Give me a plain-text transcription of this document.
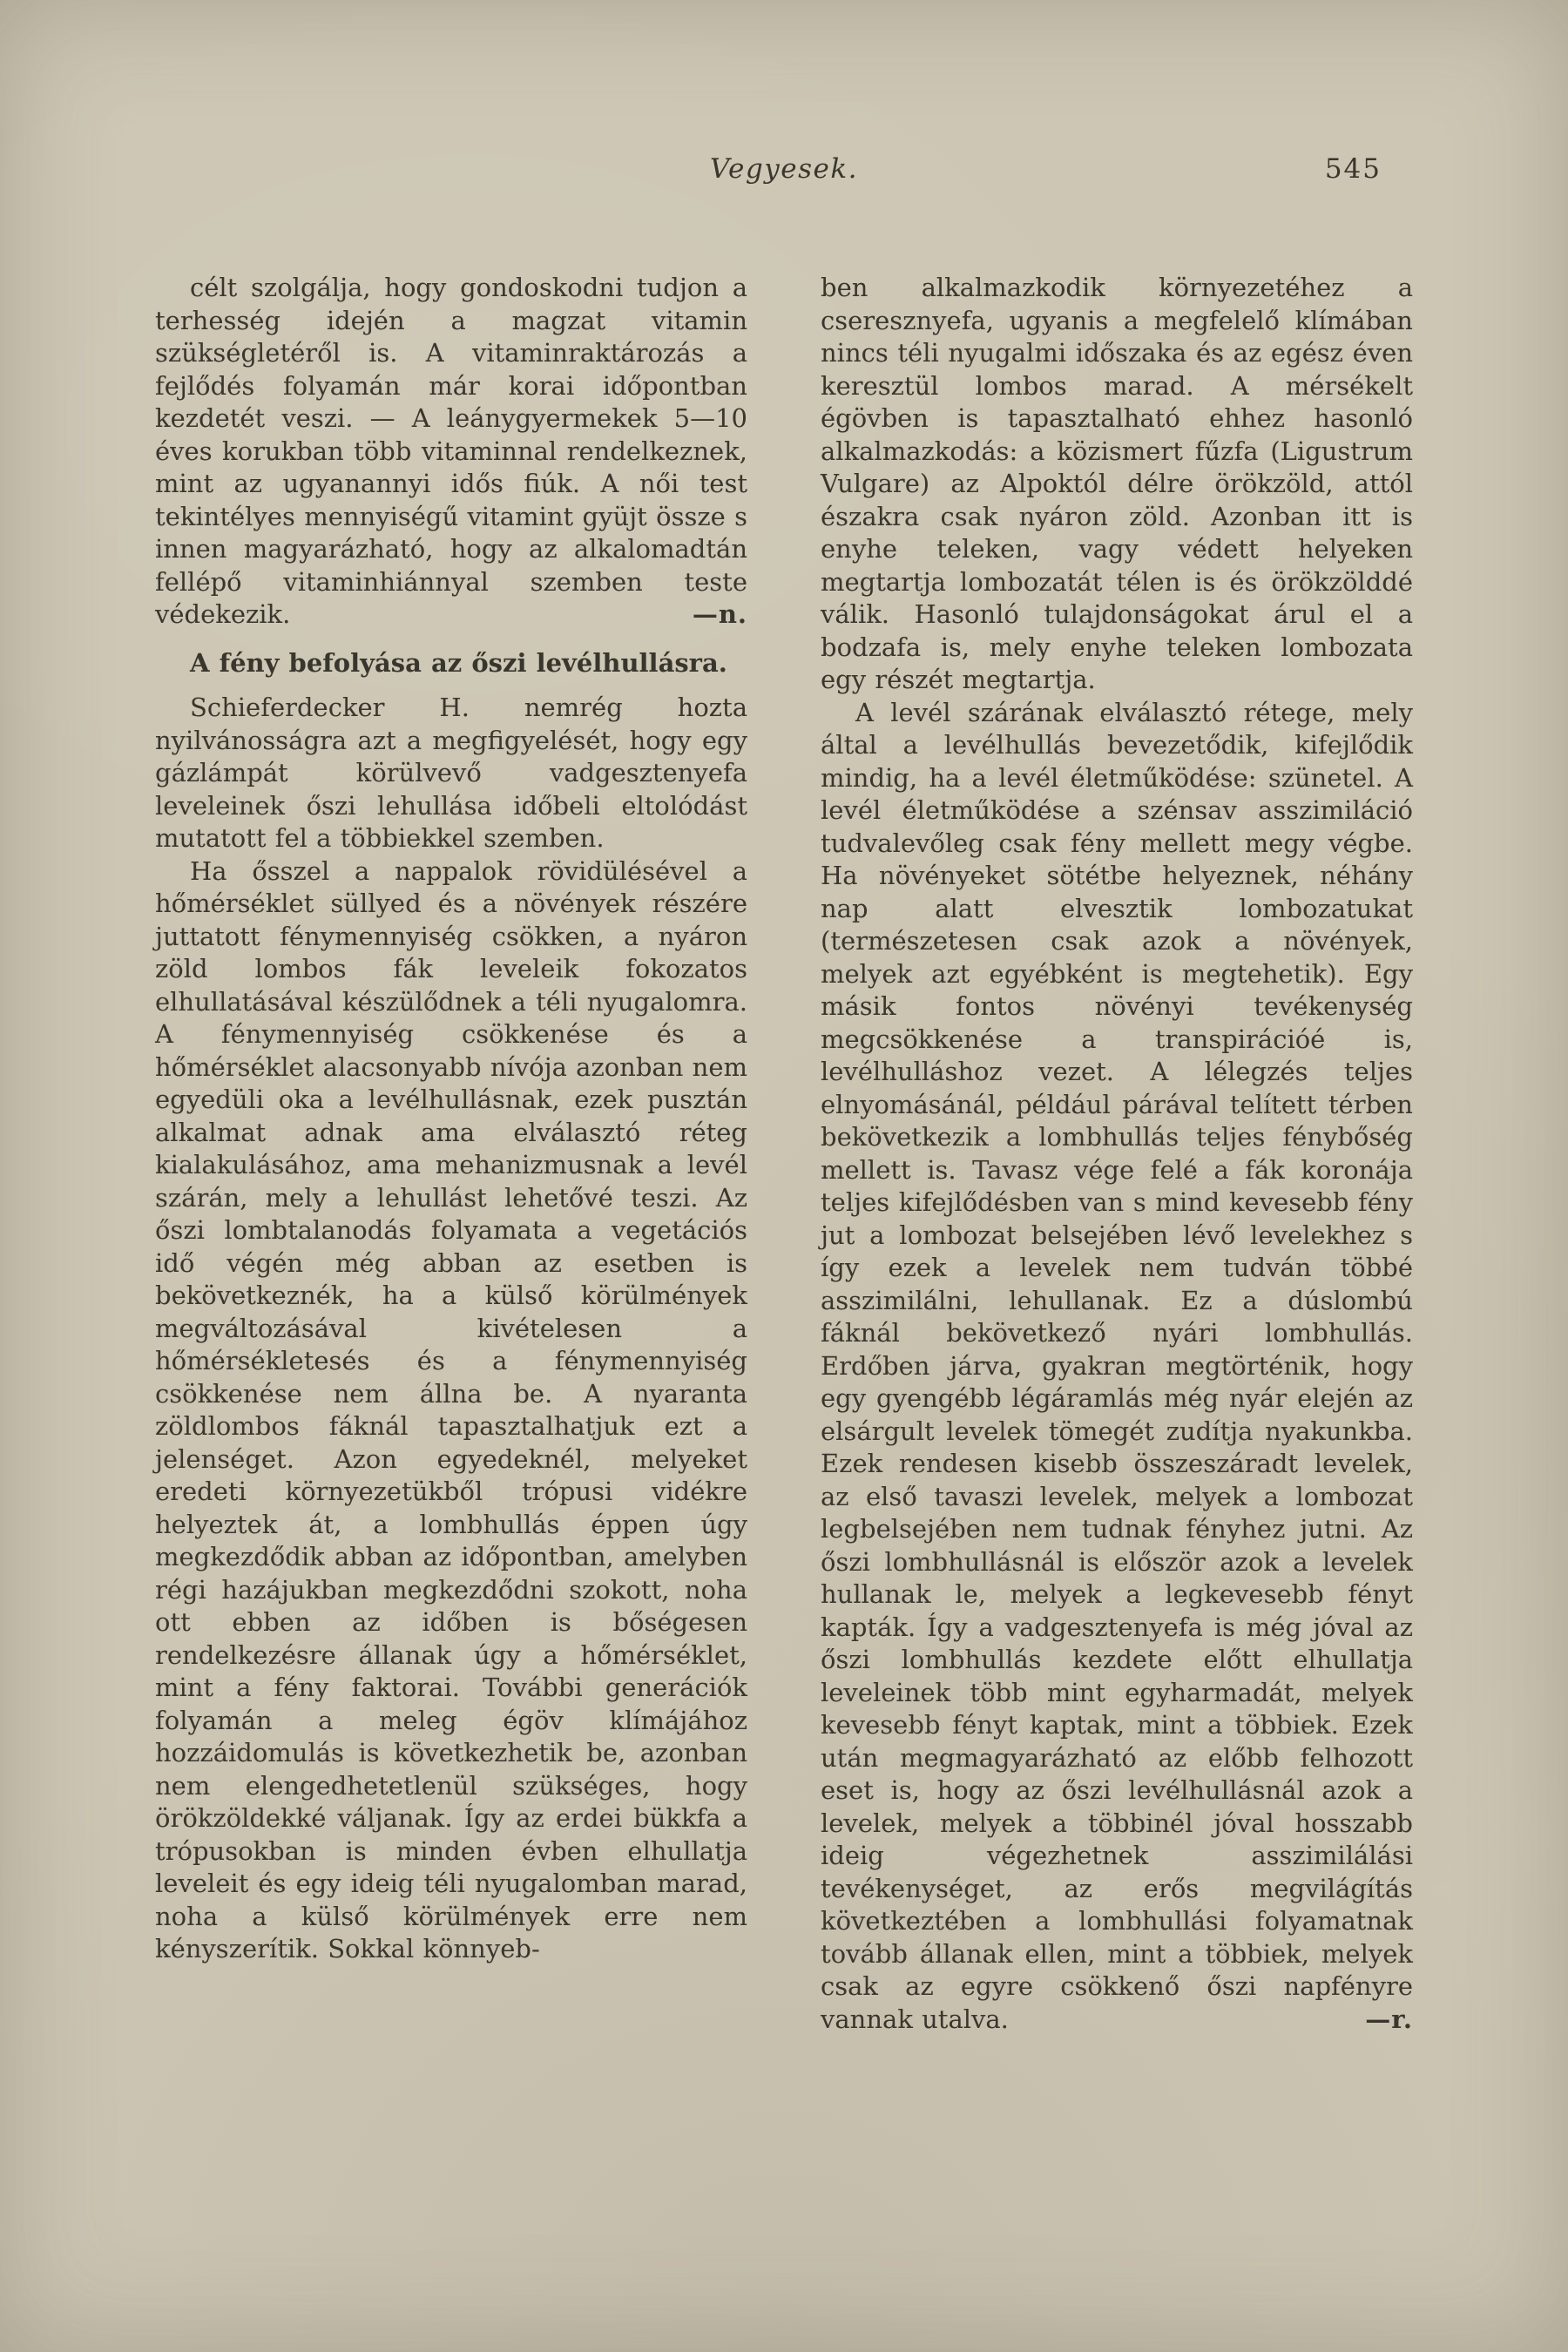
Vegyesek.	545

célt szolgálja, hogy gondoskodni tudjon a terhesség idején a magzat vitamin szükségletéről is. A vitaminraktározás a fejlődés folyamán már korai időpontban kezdetét veszi. — A leánygyermekek 5—10 éves korukban több vitaminnal rendelkeznek, mint az ugyanannyi idős fiúk. A női test tekintélyes mennyiségű vitamint gyüjt össze s innen magyarázható, hogy az alkalomadtán fellépő vitaminhiánnyal szemben teste védekezik.	—n.

A fény befolyása az őszi levélhullásra.

Schieferdecker H. nemrég hozta nyilvánosságra azt a megfigyelését, hogy egy gázlámpát körülvevő vadgesztenyefa leveleinek őszi lehullása időbeli eltolódást mutatott fel a többiekkel szemben.

Ha ősszel a nappalok rövidülésével a hőmérséklet süllyed és a növények részére juttatott fénymennyiség csökken, a nyáron zöld lombos fák leveleik fokozatos elhullatásával készülődnek a téli nyugalomra. A fénymennyiség csökkenése és a hőmérséklet alacsonyabb nívója azonban nem egyedüli oka a levélhullásnak, ezek pusztán alkalmat adnak ama elválasztó réteg kialakulásához, ama mehanizmusnak a levél szárán, mely a lehullást lehetővé teszi. Az őszi lombtalanodás folyamata a vegetációs idő végén még abban az esetben is bekövetkeznék, ha a külső körülmények megváltozásával kivételesen a hőmérsékletesés és a fénymennyiség csökkenése nem állna be. A nyaranta zöldlombos fáknál tapasztalhatjuk ezt a jelenséget. Azon egyedeknél, melyeket eredeti környezetükből trópusi vidékre helyeztek át, a lombhullás éppen úgy megkezdődik abban az időpontban, amelyben régi hazájukban megkezdődni szokott, noha ott ebben az időben is bőségesen rendelkezésre állanak úgy a hőmérséklet, mint a fény faktorai. További generációk folyamán a meleg égöv klímájához hozzáidomulás is következhetik be, azonban nem elengedhetetlenül szükséges, hogy örökzöldekké váljanak. Így az erdei bükkfa a trópusokban is minden évben elhullatja leveleit és egy ideig téli nyugalomban marad, noha a külső körülmények erre nem kényszerítik. Sokkal könnyeb-

ben alkalmazkodik környezetéhez a cseresznyefa, ugyanis a megfelelő klímában nincs téli nyugalmi időszaka és az egész éven keresztül lombos marad. A mérsékelt égövben is tapasztalható ehhez hasonló alkalmazkodás: a közismert fűzfa (Ligustrum Vulgare) az Alpoktól délre örökzöld, attól északra csak nyáron zöld. Azonban itt is enyhe teleken, vagy védett helyeken megtartja lombozatát télen is és örökzölddé válik. Hasonló tulajdonságokat árul el a bodzafa is, mely enyhe teleken lombozata egy részét megtartja.

A levél szárának elválasztó rétege, mely által a levélhullás bevezetődik, kifejlődik mindig, ha a levél életműködése: szünetel. A levél életműködése a szénsav asszimiláció tudvalevőleg csak fény mellett megy végbe. Ha növényeket sötétbe helyeznek, néhány nap alatt elvesztik lombozatukat (természetesen csak azok a növények, melyek azt egyébként is megtehetik). Egy másik fontos növényi tevékenység megcsökkenése a transpirációé is, levélhulláshoz vezet. A lélegzés teljes elnyomásánál, például párával telített térben bekövetkezik a lombhullás teljes fénybőség mellett is. Tavasz vége felé a fák koronája teljes kifejlődésben van s mind kevesebb fény jut a lombozat belsejében lévő levelekhez s így ezek a levelek nem tudván többé asszimilálni, lehullanak. Ez a dúslombú fáknál bekövetkező nyári lombhullás. Erdőben járva, gyakran megtörténik, hogy egy gyengébb légáramlás még nyár elején az elsárgult levelek tömegét zudítja nyakunkba. Ezek rendesen kisebb összeszáradt levelek, az első tavaszi levelek, melyek a lombozat legbelsejében nem tudnak fényhez jutni. Az őszi lombhullásnál is először azok a levelek hullanak le, melyek a legkevesebb fényt kapták. Így a vadgesztenyefa is még jóval az őszi lombhullás kezdete előtt elhullatja leveleinek több mint egyharmadát, melyek kevesebb fényt kaptak, mint a többiek. Ezek után megmagyarázható az előbb felhozott eset is, hogy az őszi levélhullásnál azok a levelek, melyek a többinél jóval hosszabb ideig végezhetnek asszimilálási tevékenységet, az erős megvilágítás következtében a lombhullási folyamatnak tovább állanak ellen, mint a többiek, melyek csak az egyre csökkenő őszi napfényre vannak utalva.	—r.
